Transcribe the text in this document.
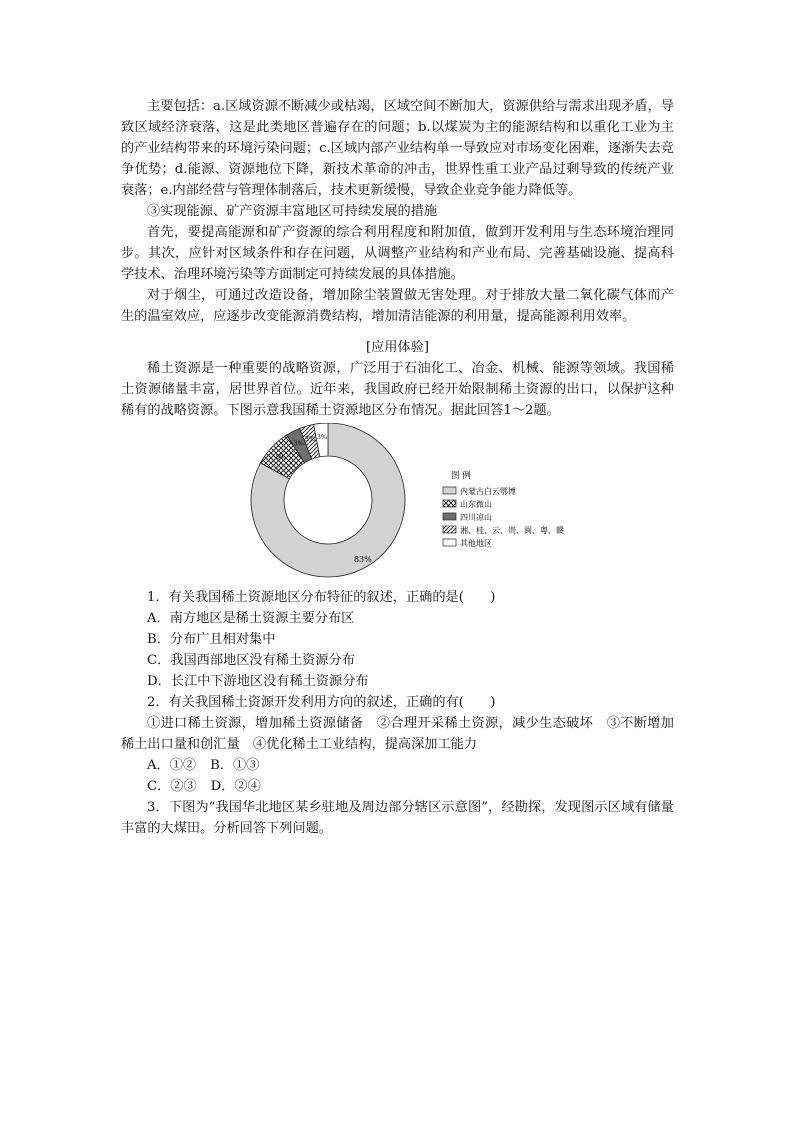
主要包括：a.区域资源不断减少或枯竭，区域空间不断加大，资源供给与需求出现矛盾，导致区域经济衰落，这是此类地区普遍存在的问题；b.以煤炭为主的能源结构和以重化工业为主的产业结构带来的环境污染问题；c.区域内部产业结构单一导致应对市场变化困难，逐渐失去竞争优势；d.能源、资源地位下降，新技术革命的冲击，世界性重工业产品过剩导致的传统产业衰落；e.内部经营与管理体制落后，技术更新缓慢，导致企业竞争能力降低等。

③实现能源、矿产资源丰富地区可持续发展的措施

首先，要提高能源和矿产资源的综合利用程度和附加值，做到开发利用与生态环境治理同步。其次，应针对区域条件和存在问题，从调整产业结构和产业布局、完善基础设施、提高科学技术、治理环境污染等方面制定可持续发展的具体措施。

对于烟尘，可通过改造设备，增加除尘装置做无害处理。对于排放大量二氧化碳气体而产生的温室效应，应逐步改变能源消费结构，增加清洁能源的利用量，提高能源利用效率。

[应用体验]

稀土资源是一种重要的战略资源，广泛用于石油化工、冶金、机械、能源等领域。我国稀土资源储量丰富，居世界首位。近年来，我国政府已经开始限制稀土资源的出口，以保护这种稀有的战略资源。下图示意我国稀土资源地区分布情况。据此回答1～2题。

83%
8%
3%
3% 3%
图 例
内蒙古白云鄂博
山东微山
四川凉山
湘、桂、云、贵、闽、粤、赣
其他地区

1．有关我国稀土资源地区分布特征的叙述，正确的是(　　)

A．南方地区是稀土资源主要分布区

B．分布广且相对集中

C．我国西部地区没有稀土资源分布

D．长江中下游地区没有稀土资源分布

2．有关我国稀土资源开发利用方向的叙述，正确的有(　　)

①进口稀土资源，增加稀土资源储备　②合理开采稀土资源，减少生态破坏　③不断增加稀土出口量和创汇量　④优化稀土工业结构，提高深加工能力

A．①② B．①③

C．②③ D．②④

3．下图为“我国华北地区某乡驻地及周边部分辖区示意图”，经勘探，发现图示区域有储量丰富的大煤田。分析回答下列问题。
